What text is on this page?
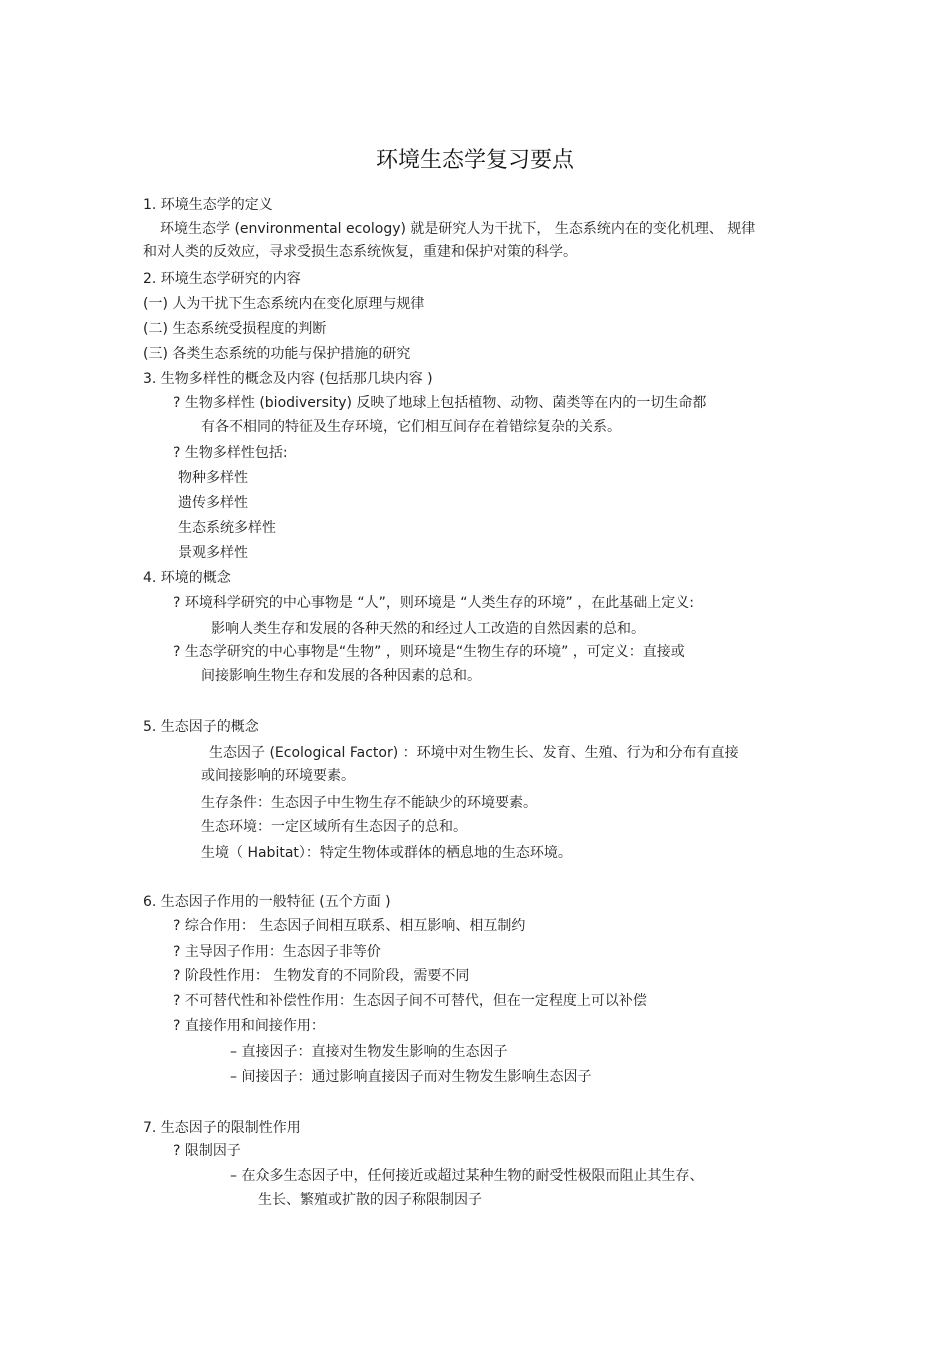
环境生态学复习要点
1. 环境生态学的定义
环境生态学 (environmental ecology) 就是研究人为干扰下， 生态系统内在的变化机理、 规律
和对人类的反效应，寻求受损生态系统恢复，重建和保护对策的科学。
2. 环境生态学研究的内容
(一) 人为干扰下生态系统内在变化原理与规律
(二) 生态系统受损程度的判断
(三) 各类生态系统的功能与保护措施的研究
3. 生物多样性的概念及内容 (包括那几块内容 )
? 生物多样性 (biodiversity) 反映了地球上包括植物、动物、菌类等在内的一切生命都
有各不相同的特征及生存环境，它们相互间存在着错综复杂的关系。
? 生物多样性包括:
物种多样性
遗传多样性
生态系统多样性
景观多样性
4. 环境的概念
? 环境科学研究的中心事物是 “人”，则环境是 “人类生存的环境” ，在此基础上定义:
影响人类生存和发展的各种天然的和经过人工改造的自然因素的总和。
? 生态学研究的中心事物是“生物” ，则环境是“生物生存的环境” ，可定义：直接或
间接影响生物生存和发展的各种因素的总和。
5. 生态因子的概念
生态因子 (Ecological Factor) ：环境中对生物生长、发育、生殖、行为和分布有直接
或间接影响的环境要素。
生存条件：生态因子中生物生存不能缺少的环境要素。
生态环境：一定区域所有生态因子的总和。
生境（ Habitat）：特定生物体或群体的栖息地的生态环境。
6. 生态因子作用的一般特征 (五个方面 )
? 综合作用： 生态因子间相互联系、相互影响、相互制约
? 主导因子作用：生态因子非等价
? 阶段性作用： 生物发育的不同阶段，需要不同
? 不可替代性和补偿性作用：生态因子间不可替代，但在一定程度上可以补偿
? 直接作用和间接作用：
– 直接因子：直接对生物发生影响的生态因子
– 间接因子：通过影响直接因子而对生物发生影响生态因子
7. 生态因子的限制性作用
? 限制因子
– 在众多生态因子中，任何接近或超过某种生物的耐受性极限而阻止其生存、
生长、繁殖或扩散的因子称限制因子
